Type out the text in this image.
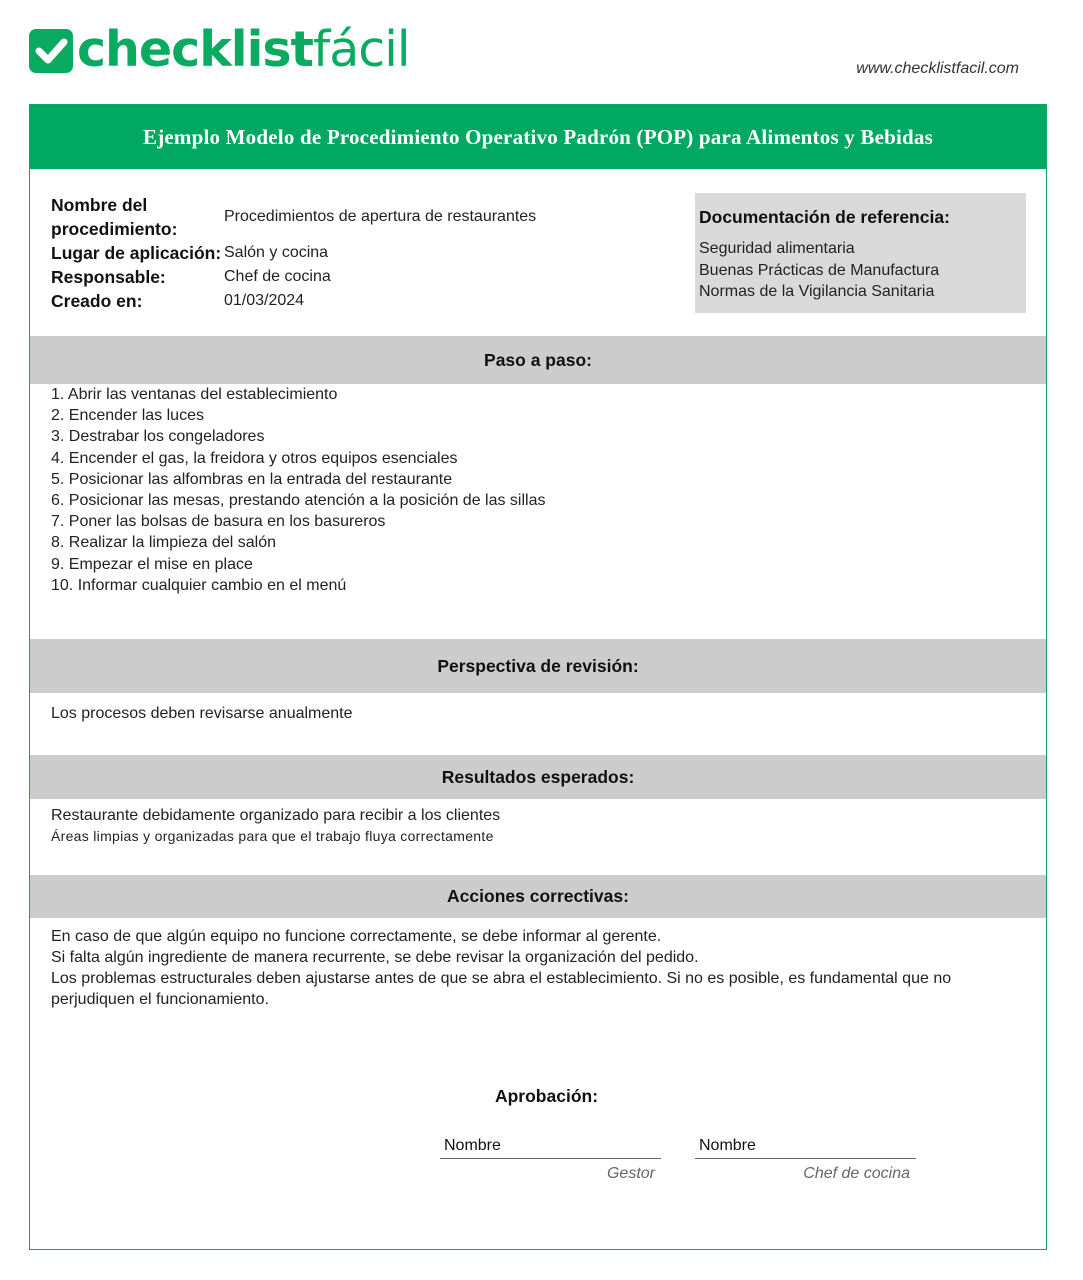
checklistfácil	www.checklistfacil.com
Ejemplo Modelo de Procedimiento Operativo Padrón (POP) para Alimentos y Bebidas
Nombre del procedimiento:
Procedimientos de apertura de restaurantes
Lugar de aplicación: Salón y cocina
Responsable:	Chef de cocina
Creado en:	01/03/2024
Documentación de referencia:
Seguridad alimentaria
Buenas Prácticas de Manufactura
Normas de la Vigilancia Sanitaria
Paso a paso:
1. Abrir las ventanas del establecimiento
2. Encender las luces
3. Destrabar los congeladores
4. Encender el gas, la freidora y otros equipos esenciales
5. Posicionar las alfombras en la entrada del restaurante
6. Posicionar las mesas, prestando atención a la posición de las sillas
7. Poner las bolsas de basura en los basureros
8. Realizar la limpieza del salón
9. Empezar el mise en place
10. Informar cualquier cambio en el menú
Perspectiva de revisión:
Los procesos deben revisarse anualmente
Resultados esperados:
Restaurante debidamente organizado para recibir a los clientes
Áreas limpias y organizadas para que el trabajo fluya correctamente
Acciones correctivas:
En caso de que algún equipo no funcione correctamente, se debe informar al gerente.
Si falta algún ingrediente de manera recurrente, se debe revisar la organización del pedido.
Los problemas estructurales deben ajustarse antes de que se abra el establecimiento. Si no es posible, es fundamental que no perjudiquen el funcionamiento.
Aprobación:
Nombre
Gestor
Nombre
Chef de cocina
